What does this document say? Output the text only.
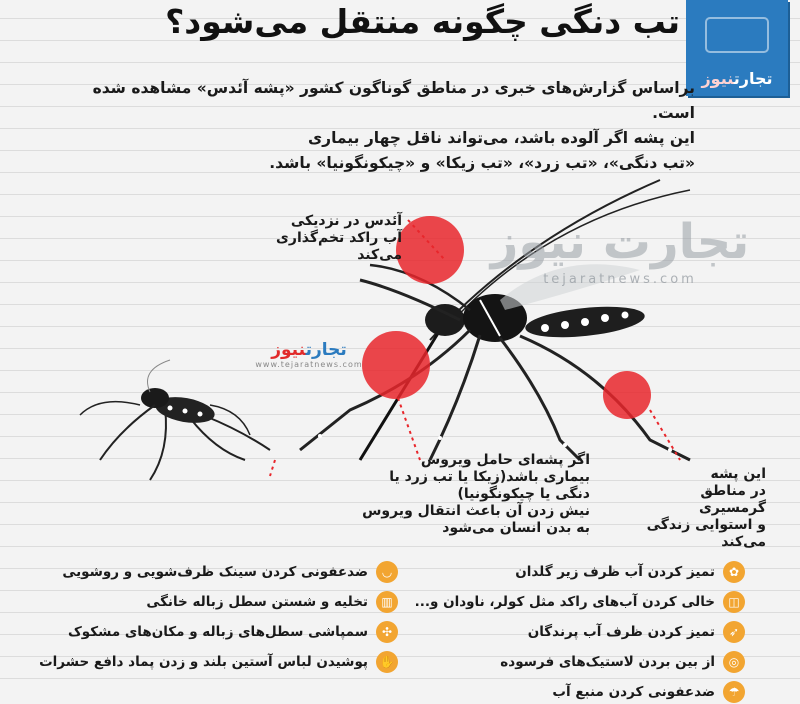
تب دنگی چگونه منتقل می‌شود؟
تجارتنیوز

براساس گزارش‌های خبری در مناطق گوناگون کشور «پشه آئدس» مشاهده شده است.

این پشه اگر آلوده باشد، می‌تواند ناقل چهار بیماری

«تب دنگی»، «تب زرد»، «تب زیکا» و «چیکونگونیا» باشد.

تجارت نیوز
tejaratnews.com
تجارتنیوز
www.tejaratnews.com

آئدس در نزدیکی

آب راکد تخم‌گذاری می‌کند

اگر پشه‌ای حامل ویروس

بیماری باشد(زیکا یا تب زرد یا دنگی یا چیکونگونیا)

نیش زدن آن باعث انتقال ویروس

به بدن انسان می‌شود

این پشه

در مناطق گرمسیری

و استوایی زندگی می‌کند

✿
تمیز کردن آب ظرف زیر گلدان
◫
خالی کردن آب‌های راکد مثل کولر، ناودان و...
➶
تمیز کردن ظرف آب پرندگان
◎
از بین بردن لاستیک‌های فرسوده
☂
ضدعفونی کردن منبع آب
◡
ضدعفونی کردن سینک ظرف‌شویی و روشویی
▥
تخلیه و شستن سطل زباله خانگی
✣
سمپاشی سطل‌های زباله و مکان‌های مشکوک
✋
پوشیدن لباس آستین بلند و زدن پماد دافع حشرات
